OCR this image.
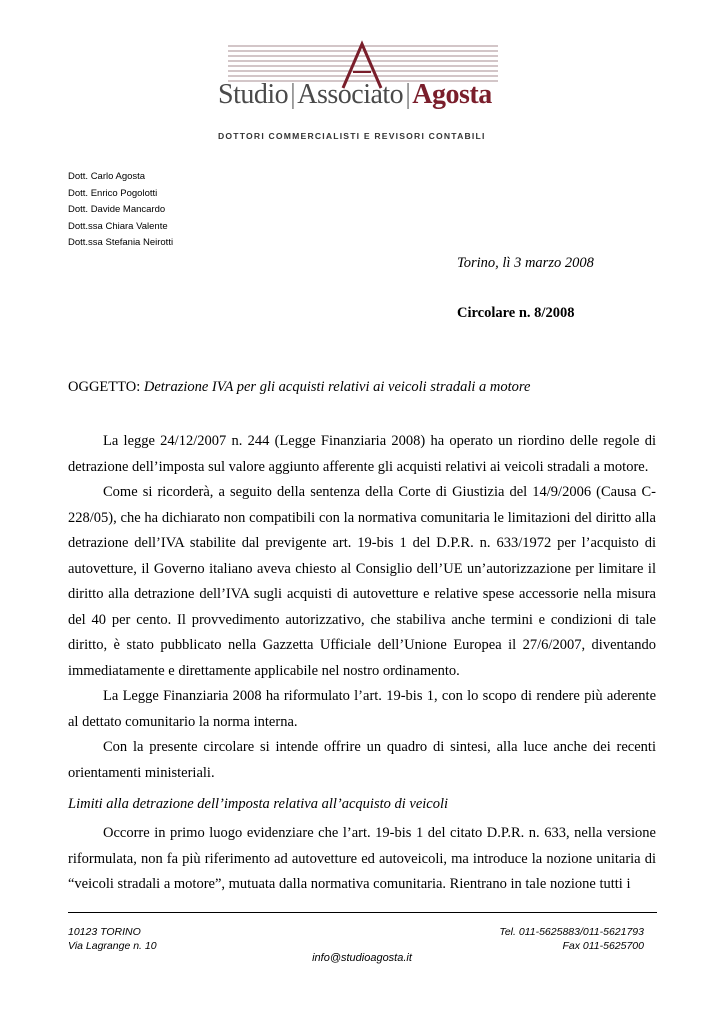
Studio|Associato|Agosta
DOTTORI COMMERCIALISTI E REVISORI CONTABILI
Dott. Carlo Agosta
Dott. Enrico Pogolotti
Dott. Davide Mancardo
Dott.ssa Chiara Valente
Dott.ssa Stefania Neirotti
Torino, lì 3 marzo 2008
Circolare n. 8/2008
OGGETTO: Detrazione IVA per gli acquisti relativi ai veicoli stradali a motore

La legge 24/12/2007 n. 244 (Legge Finanziaria 2008) ha operato un riordino delle regole di detrazione dell’imposta sul valore aggiunto afferente gli acquisti relativi ai veicoli stradali a motore.

Come si ricorderà, a seguito della sentenza della Corte di Giustizia del 14/9/2006 (Causa C-228/05), che ha dichiarato non compatibili con la normativa comunitaria le limitazioni del diritto alla detrazione dell’IVA stabilite dal previgente art. 19-bis 1 del D.P.R. n. 633/1972 per l’acquisto di autovetture, il Governo italiano aveva chiesto al Consiglio dell’UE un’autorizzazione per limitare il diritto alla detrazione dell’IVA sugli acquisti di autovetture e relative spese accessorie nella misura del 40 per cento. Il provvedimento autorizzativo, che stabiliva anche termini e condizioni di tale diritto, è stato pubblicato nella Gazzetta Ufficiale dell’Unione Europea il 27/6/2007, diventando immediatamente e direttamente applicabile nel nostro ordinamento.

La Legge Finanziaria 2008 ha riformulato l’art. 19-bis 1, con lo scopo di rendere più aderente al dettato comunitario la norma interna.

Con la presente circolare si intende offrire un quadro di sintesi, alla luce anche dei recenti orientamenti ministeriali.

Limiti alla detrazione dell’imposta relativa all’acquisto di veicoli

Occorre in primo luogo evidenziare che l’art. 19-bis 1 del citato D.P.R. n. 633, nella versione riformulata, non fa più riferimento ad autovetture ed autoveicoli, ma introduce la nozione unitaria di “veicoli stradali a motore”, mutuata dalla normativa comunitaria. Rientrano in tale nozione tutti i

10123 TORINO
Via Lagrange n. 10
Tel. 011-5625883/011-5621793
Fax 011-5625700
info@studioagosta.it
